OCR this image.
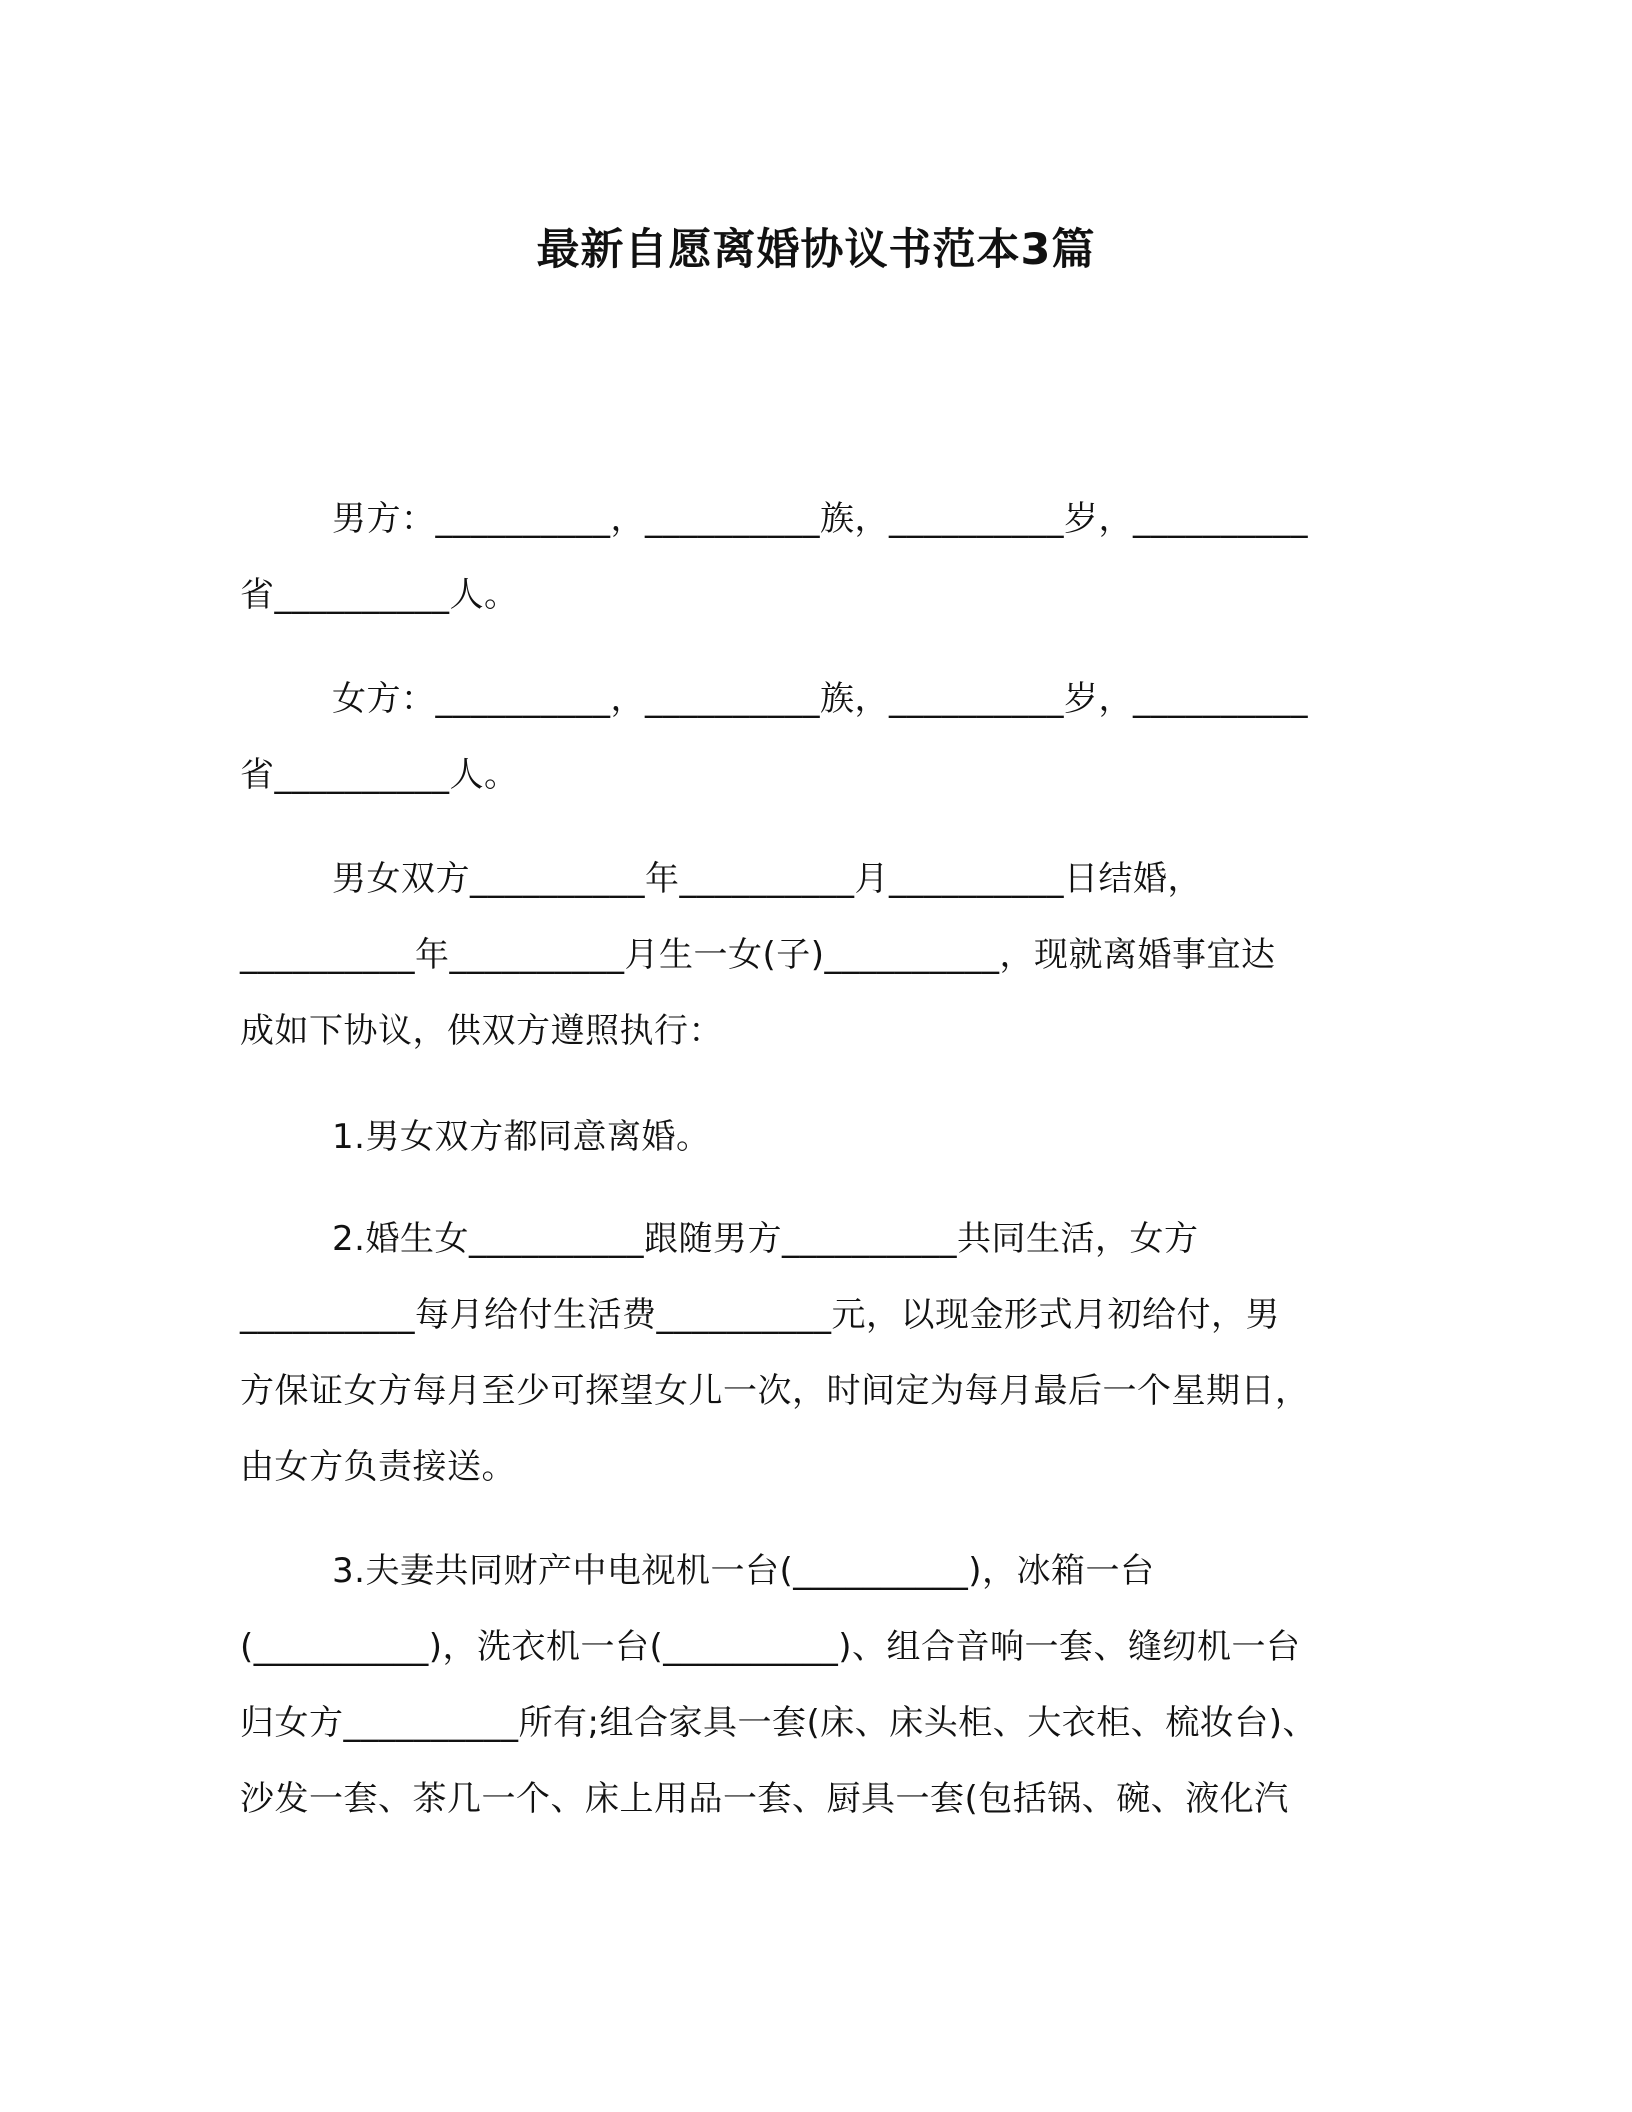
最新自愿离婚协议书范本3篇
男方：__________，__________族，__________岁，__________
省__________人。
女方：__________，__________族，__________岁，__________
省__________人。
男女双方__________年__________月__________日结婚，
__________年__________月生一女(子)__________，现就离婚事宜达
成如下协议，供双方遵照执行：
1.男女双方都同意离婚。
2.婚生女__________跟随男方__________共同生活，女方
__________每月给付生活费__________元，以现金形式月初给付，男
方保证女方每月至少可探望女儿一次，时间定为每月最后一个星期日，
由女方负责接送。
3.夫妻共同财产中电视机一台(__________)，冰箱一台
(__________)，洗衣机一台(__________)、组合音响一套、缝纫机一台
归女方__________所有;组合家具一套(床、床头柜、大衣柜、梳妆台)、
沙发一套、茶几一个、床上用品一套、厨具一套(包括锅、碗、液化汽
